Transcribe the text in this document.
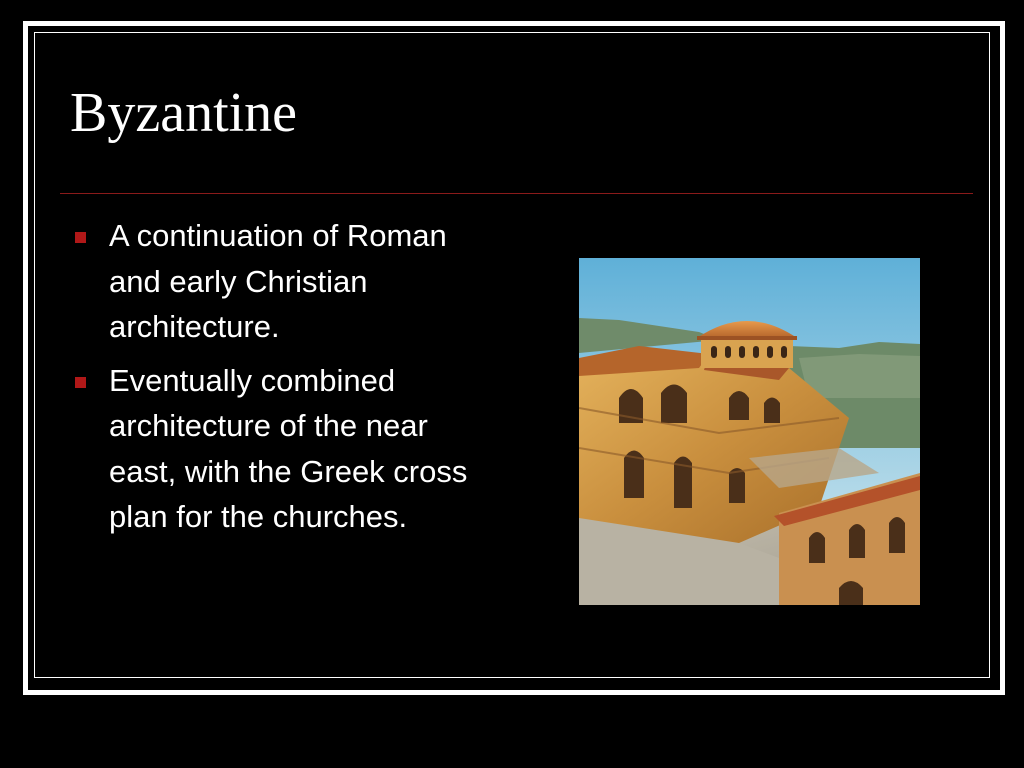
Byzantine
A continuation of Roman and early Christian architecture.
Eventually combined architecture of the near east, with the Greek cross plan for the churches.
